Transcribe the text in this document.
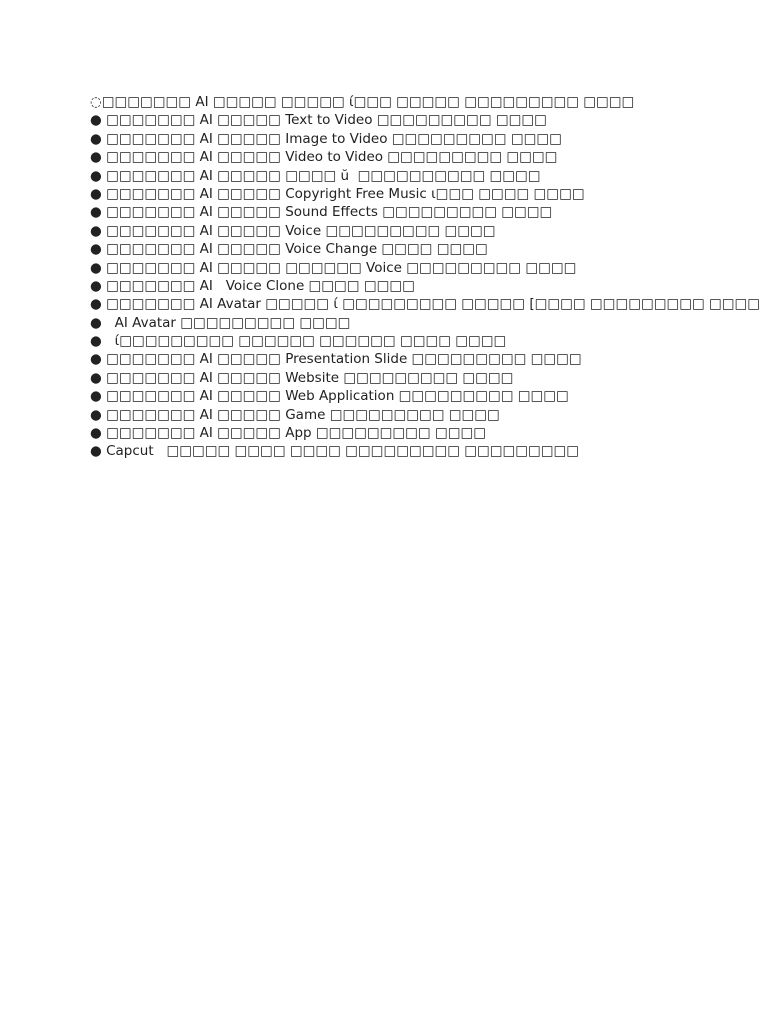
◌□□□□□□□ AI □□□□□ □□□□□ ί□□□ □□□□□ □□□□□□□□□ □□□□
● □□□□□□□ AI □□□□□ Text to Video □□□□□□□□□ □□□□
● □□□□□□□ AI □□□□□ Image to Video □□□□□□□□□ □□□□
● □□□□□□□ AI □□□□□ Video to Video □□□□□□□□□ □□□□
● □□□□□□□ AI □□□□□ □□□□ ŭ  □□□□□□□□□□ □□□□
● □□□□□□□ AI □□□□□ Copyright Free Music ɩ□□□ □□□□ □□□□
● □□□□□□□ AI □□□□□ Sound Effects □□□□□□□□□ □□□□
● □□□□□□□ AI □□□□□ Voice □□□□□□□□□ □□□□
● □□□□□□□ AI □□□□□ Voice Change □□□□ □□□□
● □□□□□□□ AI □□□□□ □□□□□□ Voice □□□□□□□□□ □□□□
● □□□□□□□ AI   Voice Clone □□□□ □□□□
● □□□□□□□ AI Avatar □□□□□ ί □□□□□□□□□ □□□□□ [□□□□ □□□□□□□□□ □□□□
●   AI Avatar □□□□□□□□□ □□□□
●   ί□□□□□□□□□ □□□□□□ □□□□□□ □□□□ □□□□
● □□□□□□□ AI □□□□□ Presentation Slide □□□□□□□□□ □□□□
● □□□□□□□ AI □□□□□ Website □□□□□□□□□ □□□□
● □□□□□□□ AI □□□□□ Web Application □□□□□□□□□ □□□□
● □□□□□□□ AI □□□□□ Game □□□□□□□□□ □□□□
● □□□□□□□ AI □□□□□ App □□□□□□□□□ □□□□
● Capcut   □□□□□ □□□□ □□□□ □□□□□□□□□ □□□□□□□□□
